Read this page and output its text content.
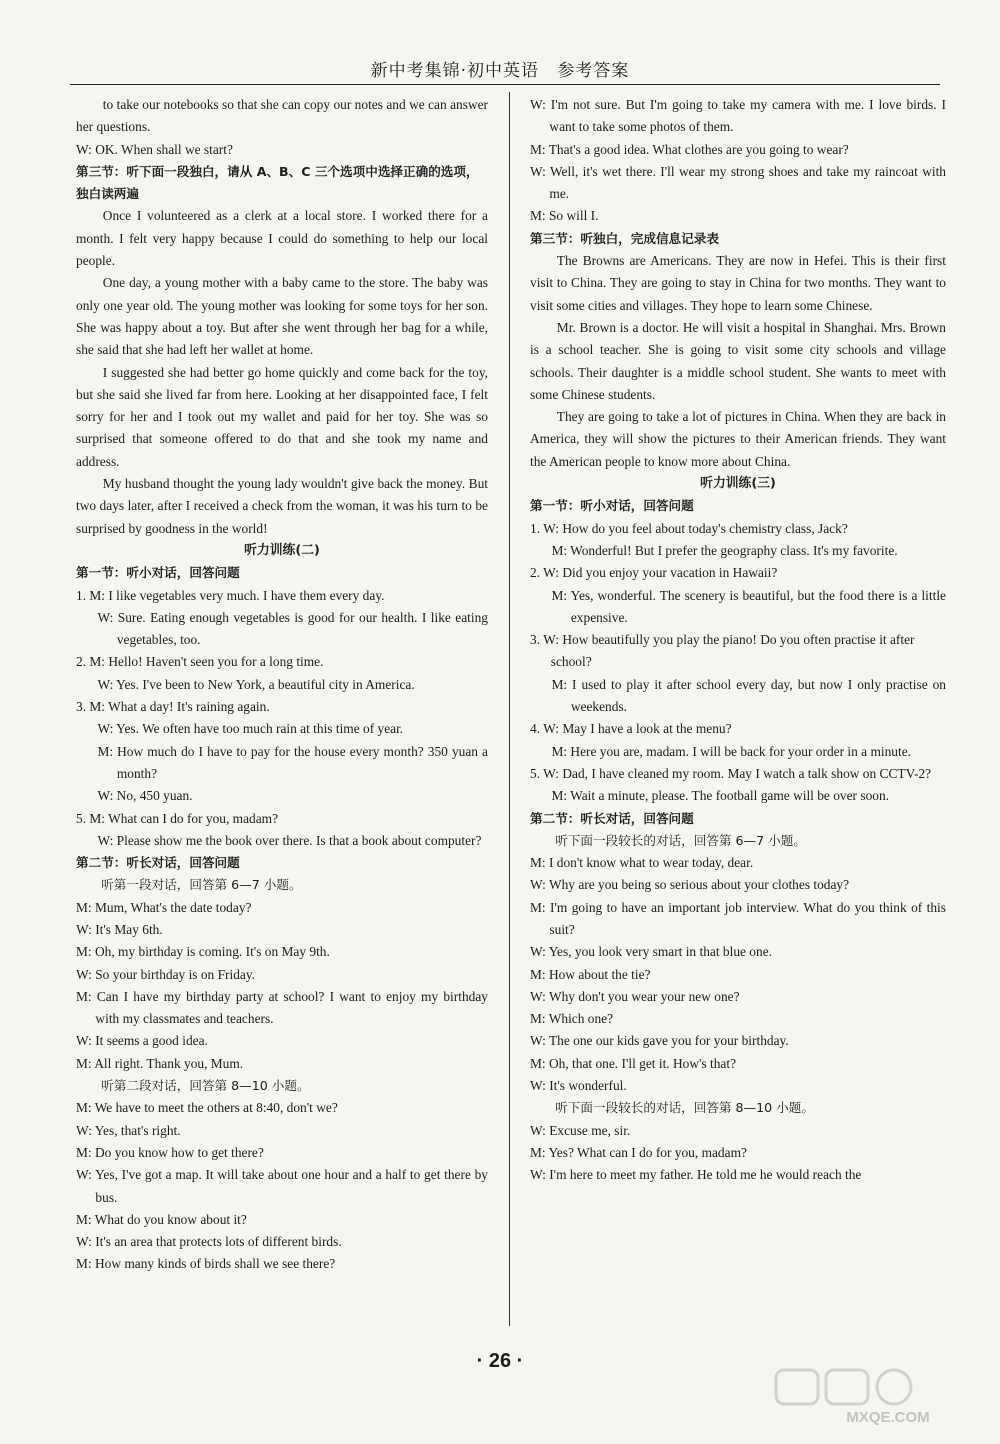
新中考集锦·初中英语 参考答案

to take our notebooks so that she can copy our notes and we can answer her questions.

W: OK. When shall we start?

第三节：听下面一段独白，请从 A、B、C 三个选项中选择正确的选项，独白读两遍

Once I volunteered as a clerk at a local store. I worked there for a month. I felt very happy because I could do something to help our local people.

One day, a young mother with a baby came to the store. The baby was only one year old. The young mother was looking for some toys for her son. She was happy about a toy. But after she went through her bag for a while, she said that she had left her wallet at home.

I suggested she had better go home quickly and come back for the toy, but she said she lived far from here. Looking at her disappointed face, I felt sorry for her and I took out my wallet and paid for her toy. She was so surprised that someone offered to do that and she took my name and address.

My husband thought the young lady wouldn't give back the money. But two days later, after I received a check from the woman, it was his turn to be surprised by goodness in the world!

听力训练(二)

第一节：听小对话，回答问题

1. M: I like vegetables very much. I have them every day.

W: Sure. Eating enough vegetables is good for our health. I like eating vegetables, too.

2. M: Hello! Haven't seen you for a long time.

W: Yes. I've been to New York, a beautiful city in America.

3. M: What a day! It's raining again.

W: Yes. We often have too much rain at this time of year.

M: How much do I have to pay for the house every month? 350 yuan a month?

W: No, 450 yuan.

5. M: What can I do for you, madam?

W: Please show me the book over there. Is that a book about computer?

第二节：听长对话，回答问题

听第一段对话，回答第 6—7 小题。

M: Mum, What's the date today?

W: It's May 6th.

M: Oh, my birthday is coming. It's on May 9th.

W: So your birthday is on Friday.

M: Can I have my birthday party at school? I want to enjoy my birthday with my classmates and teachers.

W: It seems a good idea.

M: All right. Thank you, Mum.

听第二段对话，回答第 8—10 小题。

M: We have to meet the others at 8:40, don't we?

W: Yes, that's right.

M: Do you know how to get there?

W: Yes, I've got a map. It will take about one hour and a half to get there by bus.

M: What do you know about it?

W: It's an area that protects lots of different birds.

M: How many kinds of birds shall we see there?

W: I'm not sure. But I'm going to take my camera with me. I love birds. I want to take some photos of them.

M: That's a good idea. What clothes are you going to wear?

W: Well, it's wet there. I'll wear my strong shoes and take my raincoat with me.

M: So will I.

第三节：听独白，完成信息记录表

The Browns are Americans. They are now in Hefei. This is their first visit to China. They are going to stay in China for two months. They want to visit some cities and villages. They hope to learn some Chinese.

Mr. Brown is a doctor. He will visit a hospital in Shanghai. Mrs. Brown is a school teacher. She is going to visit some city schools and village schools. Their daughter is a middle school student. She wants to meet with some Chinese students.

They are going to take a lot of pictures in China. When they are back in America, they will show the pictures to their American friends. They want the American people to know more about China.

听力训练(三)

第一节：听小对话，回答问题

1. W: How do you feel about today's chemistry class, Jack?

M: Wonderful! But I prefer the geography class. It's my favorite.

2. W: Did you enjoy your vacation in Hawaii?

M: Yes, wonderful. The scenery is beautiful, but the food there is a little expensive.

3. W: How beautifully you play the piano! Do you often practise it after school?

M: I used to play it after school every day, but now I only practise on weekends.

4. W: May I have a look at the menu?

M: Here you are, madam. I will be back for your order in a minute.

5. W: Dad, I have cleaned my room. May I watch a talk show on CCTV-2?

M: Wait a minute, please. The football game will be over soon.

第二节：听长对话，回答问题

听下面一段较长的对话，回答第 6—7 小题。

M: I don't know what to wear today, dear.

W: Why are you being so serious about your clothes today?

M: I'm going to have an important job interview. What do you think of this suit?

W: Yes, you look very smart in that blue one.

M: How about the tie?

W: Why don't you wear your new one?

M: Which one?

W: The one our kids gave you for your birthday.

M: Oh, that one. I'll get it. How's that?

W: It's wonderful.

听下面一段较长的对话，回答第 8—10 小题。

W: Excuse me, sir.

M: Yes? What can I do for you, madam?

W: I'm here to meet my father. He told me he would reach the

· 26 ·
MXQE.COM
